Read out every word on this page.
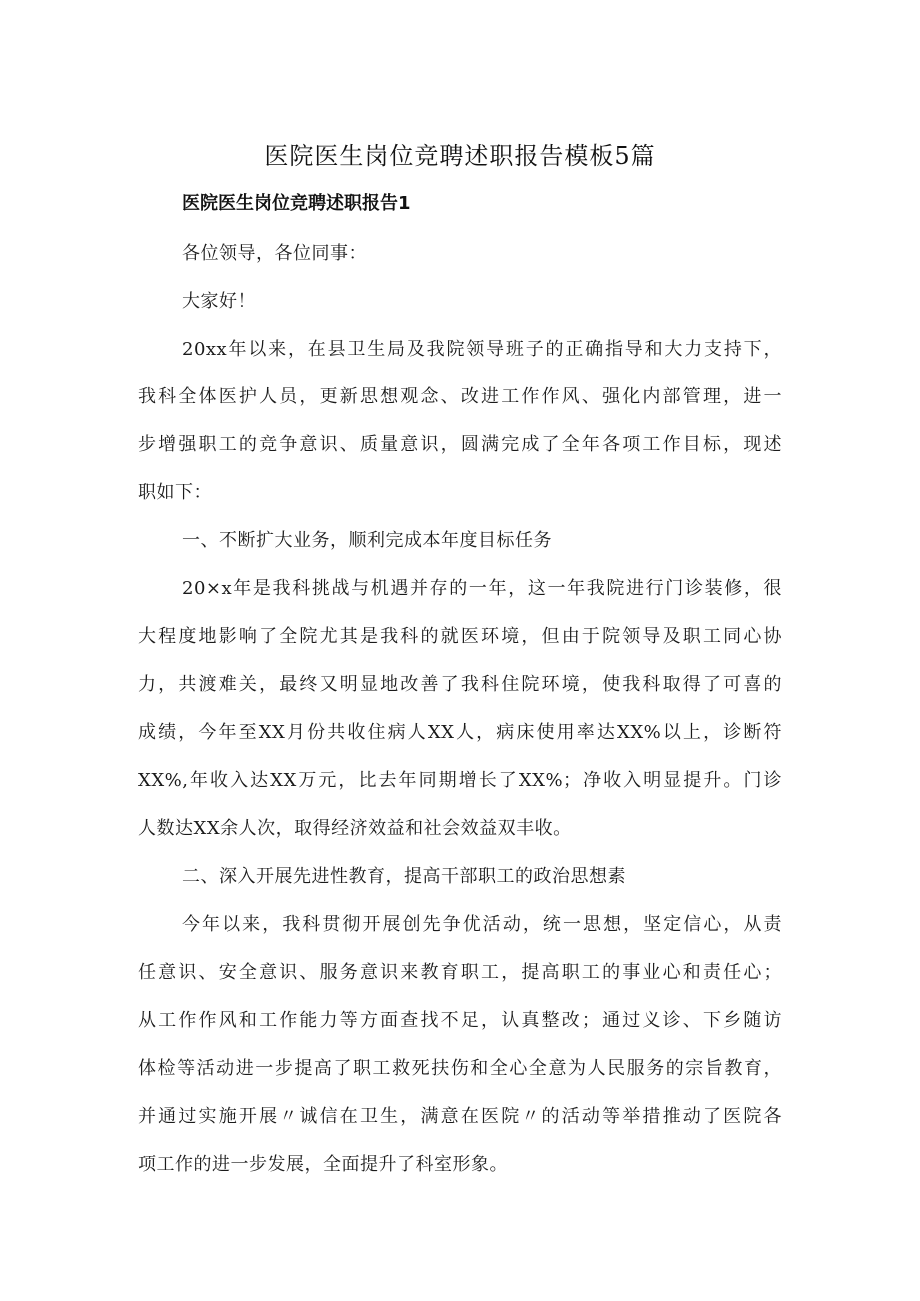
医院医生岗位竞聘述职报告模板5篇
医院医生岗位竞聘述职报告1
各位领导，各位同事：
大家好！
20xx年以来，在县卫生局及我院领导班子的正确指导和大力支持下，
我科全体医护人员，更新思想观念、改进工作作风、强化内部管理，进一
步增强职工的竞争意识、质量意识，圆满完成了全年各项工作目标，现述
职如下：
一、不断扩大业务，顺利完成本年度目标任务
20×x年是我科挑战与机遇并存的一年，这一年我院进行门诊装修，很
大程度地影响了全院尤其是我科的就医环境，但由于院领导及职工同心协
力，共渡难关，最终又明显地改善了我科住院环境，使我科取得了可喜的
成绩，今年至XX月份共收住病人XX人，病床使用率达XX%以上，诊断符
XX%,年收入达XX万元，比去年同期增长了XX%；净收入明显提升。门诊
人数达XX余人次，取得经济效益和社会效益双丰收。
二、深入开展先进性教育，提高干部职工的政治思想素
今年以来，我科贯彻开展创先争优活动，统一思想，坚定信心，从责
任意识、安全意识、服务意识来教育职工，提高职工的事业心和责任心；
从工作作风和工作能力等方面查找不足，认真整改；通过义诊、下乡随访
体检等活动进一步提高了职工救死扶伤和全心全意为人民服务的宗旨教育，
并通过实施开展〃诚信在卫生，满意在医院〃的活动等举措推动了医院各
项工作的进一步发展，全面提升了科室形象。
